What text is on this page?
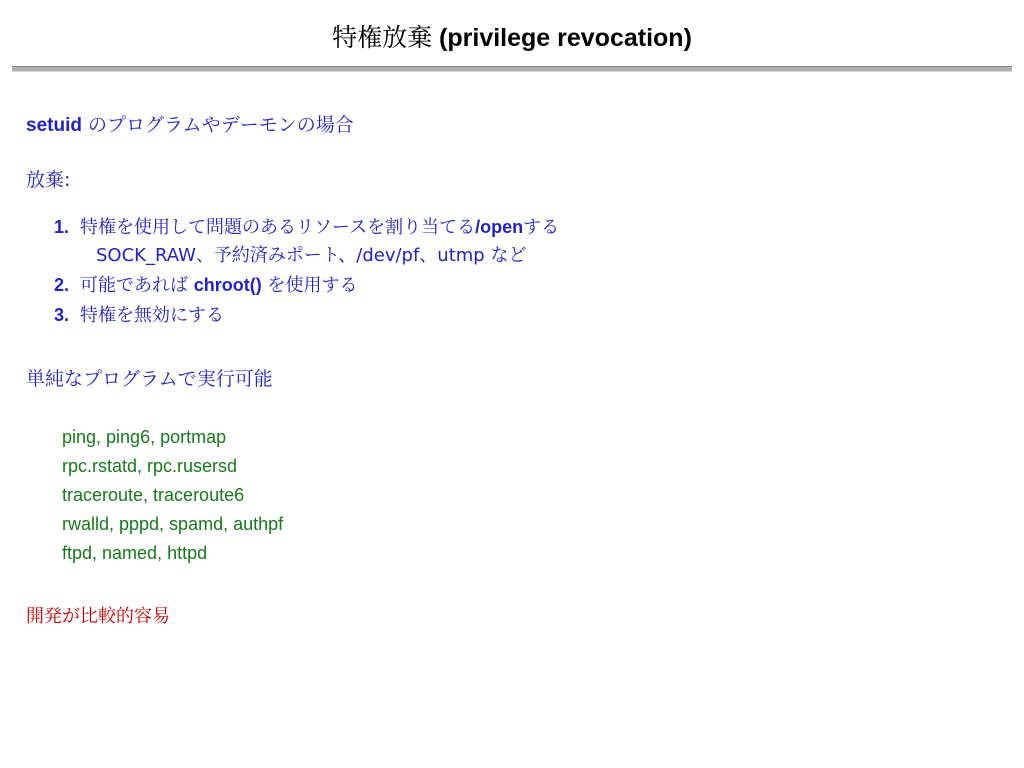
特権放棄 (privilege revocation)
setuid のプログラムやデーモンの場合
放棄:
特権を使用して問題のあるリソースを割り当てる/openする
SOCK_RAW、予約済みポート、/dev/pf、utmp など
可能であれば chroot() を使用する
特権を無効にする
単純なプログラムで実行可能
ping, ping6, portmap
rpc.rstatd, rpc.rusersd
traceroute, traceroute6
rwalld, pppd, spamd, authpf
ftpd, named, httpd
開発が比較的容易
